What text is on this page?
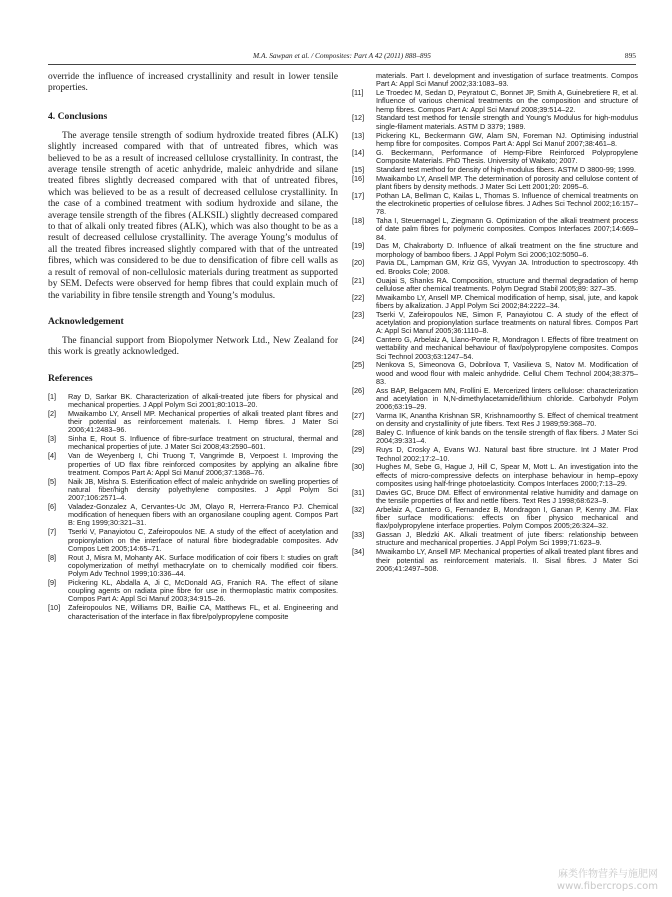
M.A. Sawpan et al. / Composites: Part A 42 (2011) 888–895	895

override the influence of increased crystallinity and result in lower tensile properties.

4. Conclusions

The average tensile strength of sodium hydroxide treated fibres (ALK) slightly increased compared with that of untreated fibres, which was believed to be as a result of increased cellulose crystallinity. In contrast, the average tensile strength of acetic anhydride, maleic anhydride and silane treated fibres slightly decreased compared with that of untreated fibres, which was believed to be as a result of decreased cellulose crystallinity. In the case of a combined treatment with sodium hydroxide and silane, the average tensile strength of the fibres (ALKSIL) slightly decreased compared to that of alkali only treated fibres (ALK), which was also thought to be as a result of decreased cellulose crystallinity. The average Young’s modulus of all the treated fibres increased slightly compared with that of the untreated fibres, which was considered to be due to densification of fibre cell walls as a result of removal of non-cellulosic materials during treatment as supported by SEM. Defects were observed for hemp fibres that could explain much of the variability in fibre tensile strength and Young’s modulus.

Acknowledgement

The financial support from Biopolymer Network Ltd., New Zealand for this work is greatly acknowledged.

References
[1] Ray D, Sarkar BK. Characterization of alkali-treated jute fibers for physical and mechanical properties. J Appl Polym Sci 2001;80:1013–20.
[2] Mwaikambo LY, Ansell MP. Mechanical properties of alkali treated plant fibres and their potential as reinforcement materials. I. Hemp fibres. J Mater Sci 2006;41:2483–96.
[3] Sinha E, Rout S. Influence of fibre-surface treatment on structural, thermal and mechanical properties of jute. J Mater Sci 2008;43:2590–601.
[4] Van de Weyenberg I, Chi Truong T, Vangrimde B, Verpoest I. Improving the properties of UD flax fibre reinforced composites by applying an alkaline fibre treatment. Compos Part A: Appl Sci Manuf 2006;37:1368–76.
[5] Naik JB, Mishra S. Esterification effect of maleic anhydride on swelling properties of natural fiber/high density polyethylene composites. J Appl Polym Sci 2007;106:2571–4.
[6] Valadez-Gonzalez A, Cervantes-Uc JM, Olayo R, Herrera-Franco PJ. Chemical modification of henequen fibers with an organosilane coupling agent. Compos Part B: Eng 1999;30:321–31.
[7] Tserki V, Panayiotou C, Zafeiropoulos NE. A study of the effect of acetylation and propionylation on the interface of natural fibre biodegradable composites. Adv Compos Lett 2005;14:65–71.
[8] Rout J, Misra M, Mohanty AK. Surface modification of coir fibers I: studies on graft copolymerization of methyl methacrylate on to chemically modified coir fibers. Polym Adv Technol 1999;10:336–44.
[9] Pickering KL, Abdalla A, Ji C, McDonald AG, Franich RA. The effect of silane coupling agents on radiata pine fibre for use in thermoplastic matrix composites. Compos Part A: Appl Sci Manuf 2003;34:915–26.
[10] Zafeiropoulos NE, Williams DR, Baillie CA, Matthews FL, et al. Engineering and characterisation of the interface in flax fibre/polypropylene composite
materials. Part I. development and investigation of surface treatments. Compos Part A: Appl Sci Manuf 2002;33:1083–93.
[11] Le Troedec M, Sedan D, Peyratout C, Bonnet JP, Smith A, Guinebretiere R, et al. Influence of various chemical treatments on the composition and structure of hemp fibres. Compos Part A: Appl Sci Manuf 2008;39:514–22.
[12] Standard test method for tensile strength and Young’s Modulus for high-modulus single-filament materials. ASTM D 3379; 1989.
[13] Pickering KL, Beckermann GW, Alam SN, Foreman NJ. Optimising industrial hemp fibre for composites. Compos Part A: Appl Sci Manuf 2007;38:461–8.
[14] G. Beckermann, Performance of Hemp-Fibre Reinforced Polypropylene Composite Materials. PhD Thesis. University of Waikato; 2007.
[15] Standard test method for density of high-modulus fibers. ASTM D 3800-99; 1999.
[16] Mwaikambo LY, Ansell MP. The determination of porosity and cellulose content of plant fibers by density methods. J Mater Sci Lett 2001;20: 2095–6.
[17] Pothan LA, Bellman C, Kailas L, Thomas S. Influence of chemical treatments on the electrokinetic properties of cellulose fibres. J Adhes Sci Technol 2002;16:157–78.
[18] Taha I, Steuernagel L, Ziegmann G. Optimization of the alkali treatment process of date palm fibres for polymeric composites. Compos Interfaces 2007;14:669–84.
[19] Das M, Chakraborty D. Influence of alkali treatment on the fine structure and morphology of bamboo fibers. J Appl Polym Sci 2006;102:5050–6.
[20] Pavia DL, Lampman GM, Kriz GS, Vyvyan JA. Introduction to spectroscopy. 4th ed. Brooks Cole; 2008.
[21] Ouajai S, Shanks RA. Composition, structure and thermal degradation of hemp cellulose after chemical treatments. Polym Degrad Stabil 2005;89: 327–35.
[22] Mwaikambo LY, Ansell MP. Chemical modification of hemp, sisal, jute, and kapok fibers by alkalization. J Appl Polym Sci 2002;84:2222–34.
[23] Tserki V, Zafeiropoulos NE, Simon F, Panayiotou C. A study of the effect of acetylation and propionylation surface treatments on natural fibres. Compos Part A: Appl Sci Manuf 2005;36:1110–8.
[24] Cantero G, Arbelaiz A, Llano-Ponte R, Mondragon I. Effects of fibre treatment on wettability and mechanical behaviour of flax/polypropylene composites. Compos Sci Technol 2003;63:1247–54.
[25] Nenkova S, Simeonova G, Dobrilova T, Vasilieva S, Natov M. Modification of wood and wood flour with maleic anhydride. Cellul Chem Technol 2004;38:375–83.
[26] Ass BAP, Belgacem MN, Frollini E. Mercerized linters cellulose: characterization and acetylation in N,N-dimethylacetamide/lithium chloride. Carbohydr Polym 2006;63:19–29.
[27] Varma IK, Anantha Krishnan SR, Krishnamoorthy S. Effect of chemical treatment on density and crystallinity of jute fibers. Text Res J 1989;59:368–70.
[28] Baley C. Influence of kink bands on the tensile strength of flax fibers. J Mater Sci 2004;39:331–4.
[29] Ruys D, Crosky A, Evans WJ. Natural bast fibre structure. Int J Mater Prod Technol 2002;17:2–10.
[30] Hughes M, Sebe G, Hague J, Hill C, Spear M, Mott L. An investigation into the effects of micro-compressive defects on interphase behaviour in hemp–epoxy composites using half-fringe photoelasticity. Compos Interfaces 2000;7:13–29.
[31] Davies GC, Bruce DM. Effect of environmental relative humidity and damage on the tensile properties of flax and nettle fibers. Text Res J 1998;68:623–9.
[32] Arbelaiz A, Cantero G, Fernandez B, Mondragon I, Ganan P, Kenny JM. Flax fiber surface modifications: effects on fiber physico mechanical and flax/polypropylene interface properties. Polym Compos 2005;26:324–32.
[33] Gassan J, Bledzki AK. Alkali treatment of jute fibers: relationship between structure and mechanical properties. J Appl Polym Sci 1999;71:623–9.
[34] Mwaikambo LY, Ansell MP. Mechanical properties of alkali treated plant fibres and their potential as reinforcement materials. II. Sisal fibres. J Mater Sci 2006;41:2497–508.
麻类作物营养与施肥网
www.fibercrops.com
